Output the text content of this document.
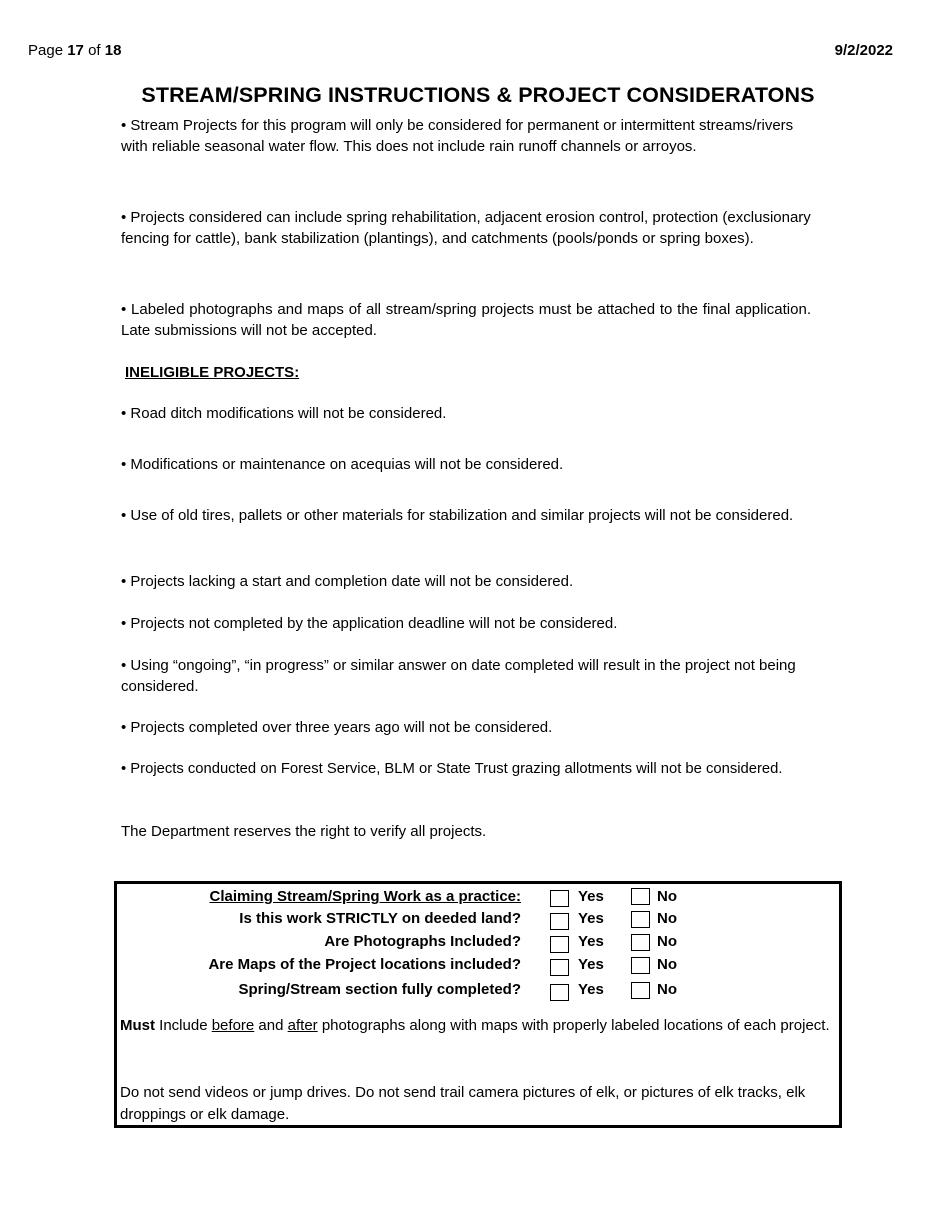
Page 17 of 18	9/2/2022
STREAM/SPRING INSTRUCTIONS & PROJECT CONSIDERATONS
• Stream Projects for this program will only be considered for permanent or intermittent streams/rivers with reliable seasonal water flow. This does not include rain runoff channels or arroyos.
• Projects considered can include spring rehabilitation, adjacent erosion control, protection (exclusionary fencing for cattle), bank stabilization (plantings), and catchments (pools/ponds or spring boxes).
• Labeled photographs and maps of all stream/spring projects must be attached to the final application. Late submissions will not be accepted.
INELIGIBLE PROJECTS:
• Road ditch modifications will not be considered.
• Modifications or maintenance on acequias will not be considered.
• Use of old tires, pallets or other materials for stabilization and similar projects will not be considered.
• Projects lacking a start and completion date will not be considered.
• Projects not completed by the application deadline will not be considered.
• Using “ongoing”, “in progress” or similar answer on date completed will result in the project not being considered.
• Projects completed over three years ago will not be considered.
• Projects conducted on Forest Service, BLM or State Trust grazing allotments will not be considered.
The Department reserves the right to verify all projects.
Claiming Stream/Spring Work as a practice:	Yes	No
Is this work STRICTLY on deeded land?	Yes	No
Are Photographs Included?	Yes	No
Are Maps of the Project locations included?	Yes	No
Spring/Stream section fully completed?	Yes	No
Must Include before and after photographs along with maps with properly labeled locations of each project.
Do not send videos or jump drives. Do not send trail camera pictures of elk, or pictures of elk tracks, elk droppings or elk damage.
